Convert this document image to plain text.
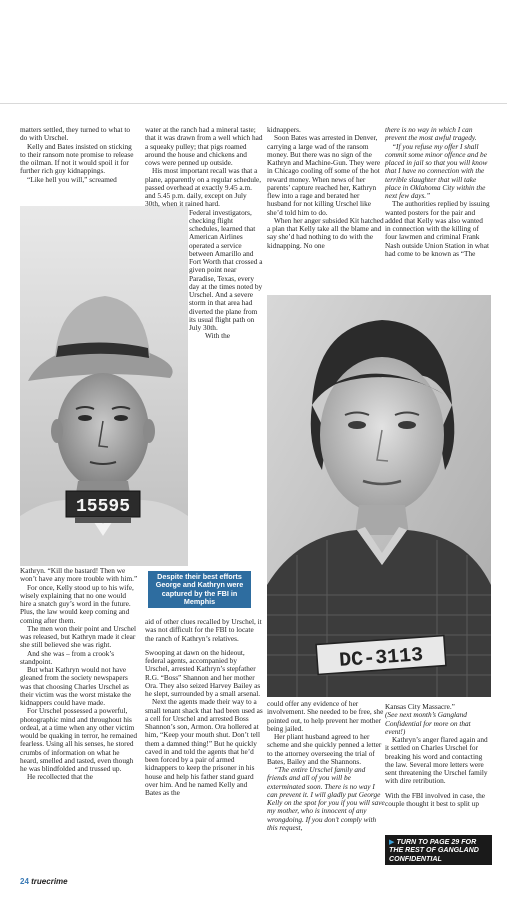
matters settled, they turned to what to do with Urschel.

Kelly and Bates insisted on sticking to their ransom note promise to release the oilman. If not it would spoil it for further rich guy kidnappings.

“Like hell you will,” screamed

15595

Kathryn. “Kill the bastard! Then we won’t have any more trouble with him.”

For once, Kelly stood up to his wife, wisely explaining that no one would hire a snatch guy’s word in the future. Plus, the law would keep coming and coming after them.

The men won their point and Urschel was released, but Kathryn made it clear she still believed she was right.

And she was – from a crook’s standpoint.

But what Kathryn would not have gleaned from the society newspapers was that choosing Charles Urschel as their victim was the worst mistake the kidnappers could have made.

For Urschel possessed a powerful, photographic mind and throughout his ordeal, at a time when any other victim would be quaking in terror, he remained fearless. Using all his senses, he stored crumbs of information on what he heard, smelled and tasted, even though he was blindfolded and trussed up.

He recollected that the

water at the ranch had a mineral taste; that it was drawn from a well which had a squeaky pulley; that pigs roamed around the house and chickens and cows were penned up outside.

His most important recall was that a plane, apparently on a regular schedule, passed overhead at exactly 9.45 a.m. and 5.45 p.m. daily, except on July 30th, when it rained hard.

Federal investigators, checking flight schedules, learned that American Airlines operated a service between Amarillo and Fort Worth that crossed a given point near Paradise, Texas, every day at the times noted by Urschel. And a severe storm in that area had diverted the plane from its usual flight path on July 30th.

With the

Despite their best efforts George and Kathryn were captured by the FBI in Memphis

aid of other clues recalled by Urschel, it was not difficult for the FBI to locate the ranch of Kathryn’s relatives.

Swooping at dawn on the hideout, federal agents, accompanied by Urschel, arrested Kathryn’s stepfather R.G. “Boss” Shannon and her mother Ora. They also seized Harvey Bailey as he slept, surrounded by a small arsenal.

Next the agents made their way to a small tenant shack that had been used as a cell for Urschel and arrested Boss Shannon’s son, Armon. Ora hollered at him, “Keep your mouth shut. Don’t tell them a damned thing!” But he quickly caved in and told the agents that he’d been forced by a pair of armed kidnappers to keep the prisoner in his house and help his father stand guard over him. And he named Kelly and Bates as the

kidnappers.

Soon Bates was arrested in Denver, carrying a large wad of the ransom money. But there was no sign of the Kathryn and Machine-Gun. They were in Chicago cooling off some of the hot reward money. When news of her parents’ capture reached her, Kathryn flew into a rage and berated her husband for not killing Urschel like she’d told him to do.

When her anger subsided Kit hatched a plan that Kelly take all the blame and say she’d had nothing to do with the kidnapping. No one

there is no way in which I can prevent the most awful tragedy.

“If you refuse my offer I shall commit some minor offence and be placed in jail so that you will know that I have no connection with the terrible slaughter that will take place in Oklahoma City within the next few days.”

The authorities replied by issuing wanted posters for the pair and added that Kelly was also wanted in connection with the killing of four lawmen and criminal Frank Nash outside Union Station in what had come to be known as “The

DC-3113

could offer any evidence of her involvement. She needed to be free, she pointed out, to help prevent her mother being jailed.

Her pliant husband agreed to her scheme and she quickly penned a letter to the attorney overseeing the trial of Bates, Bailey and the Shannons.

“The entire Urschel family and friends and all of you will be exterminated soon. There is no way I can prevent it. I will gladly put George Kelly on the spot for you if you will save my mother, who is innocent of any wrongdoing. If you don’t comply with this request,

Kansas City Massacre.”

(See next month’s Gangland Confidential for more on that event!)

Kathryn’s anger flared again and it settled on Charles Urschel for breaking his word and contacting the law. Several more letters were sent threatening the Urschel family with dire retribution.

With the FBI involved in case, the couple thought it best to split up

▶ TURN TO PAGE 29 FOR
THE REST OF GANGLAND
CONFIDENTIAL
24 truecrime
